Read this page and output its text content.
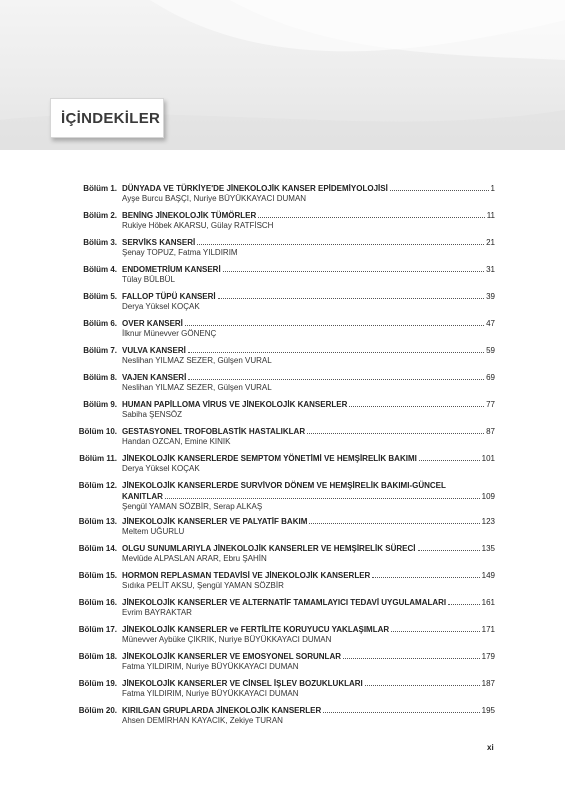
İÇİNDEKİLER
Bölüm 1. DÜNYADA VE TÜRKİYE'DE JİNEKOLOJİK KANSER EPİDEMİYOLOJİSİ	1
Ayşe Burcu BAŞÇI, Nuriye BÜYÜKKAYACI DUMAN
Bölüm 2. BENİNG JİNEKOLOJİK TÜMÖRLER	11
Rukiye Höbek AKARSU, Gülay RATFİSCH
Bölüm 3. SERVİKS KANSERİ	21
Şenay TOPUZ, Fatma YILDIRIM
Bölüm 4. ENDOMETRİUM KANSERİ	31
Tülay BÜLBÜL
Bölüm 5. FALLOP TÜPÜ KANSERİ	39
Derya Yüksel KOÇAK
Bölüm 6. OVER KANSERİ	47
İlknur Münevver GÖNENÇ
Bölüm 7. VULVA KANSERİ	59
Neslihan YILMAZ SEZER, Gülşen VURAL
Bölüm 8. VAJEN KANSERİ	69
Neslihan YILMAZ SEZER, Gülşen VURAL
Bölüm 9. HUMAN PAPİLLOMA VİRUS VE JİNEKOLOJİK KANSERLER	77
Sabiha ŞENSÖZ
Bölüm 10. GESTASYONEL TROFOBLASTİK HASTALIKLAR	87
Handan OZCAN, Emine KINIK
Bölüm 11. JİNEKOLOJİK KANSERLERDE SEMPTOM YÖNETİMİ VE HEMŞİRELİK BAKIMI	101
Derya Yüksel KOÇAK
Bölüm 12. JİNEKOLOJİK KANSERLERDE SURVİVOR DÖNEM VE HEMŞİRELİK BAKIMI-GÜNCEL
KANITLAR	109
Şengül YAMAN SÖZBİR, Serap ALKAŞ
Bölüm 13. JİNEKOLOJİK KANSERLER VE PALYATİF BAKIM	123
Meltem UĞURLU
Bölüm 14. OLGU SUNUMLARIYLA JİNEKOLOJİK KANSERLER VE HEMŞİRELİK SÜRECİ	135
Mevlüde ALPASLAN ARAR, Ebru ŞAHİN
Bölüm 15. HORMON REPLASMAN TEDAVİSİ VE JİNEKOLOJİK KANSERLER	149
Sıdıka PELİT AKSU, Şengül YAMAN SÖZBİR
Bölüm 16. JİNEKOLOJİK KANSERLER VE ALTERNATİF TAMAMLAYICI TEDAVİ UYGULAMALARI	161
Evrim BAYRAKTAR
Bölüm 17. JİNEKOLOJİK KANSERLER ve FERTİLİTE KORUYUCU YAKLAŞIMLAR	171
Münevver Aybüke ÇIKRIK, Nuriye BÜYÜKKAYACI DUMAN
Bölüm 18. JİNEKOLOJİK KANSERLER VE EMOSYONEL SORUNLAR	179
Fatma YILDIRIM, Nuriye BÜYÜKKAYACI DUMAN
Bölüm 19. JİNEKOLOJİK KANSERLER VE CİNSEL İŞLEV BOZUKLUKLARI	187
Fatma YILDIRIM, Nuriye BÜYÜKKAYACI DUMAN
Bölüm 20. KIRILGAN GRUPLARDA JİNEKOLOJİK KANSERLER	195
Ahsen DEMİRHAN KAYACIK, Zekiye TURAN
xi
